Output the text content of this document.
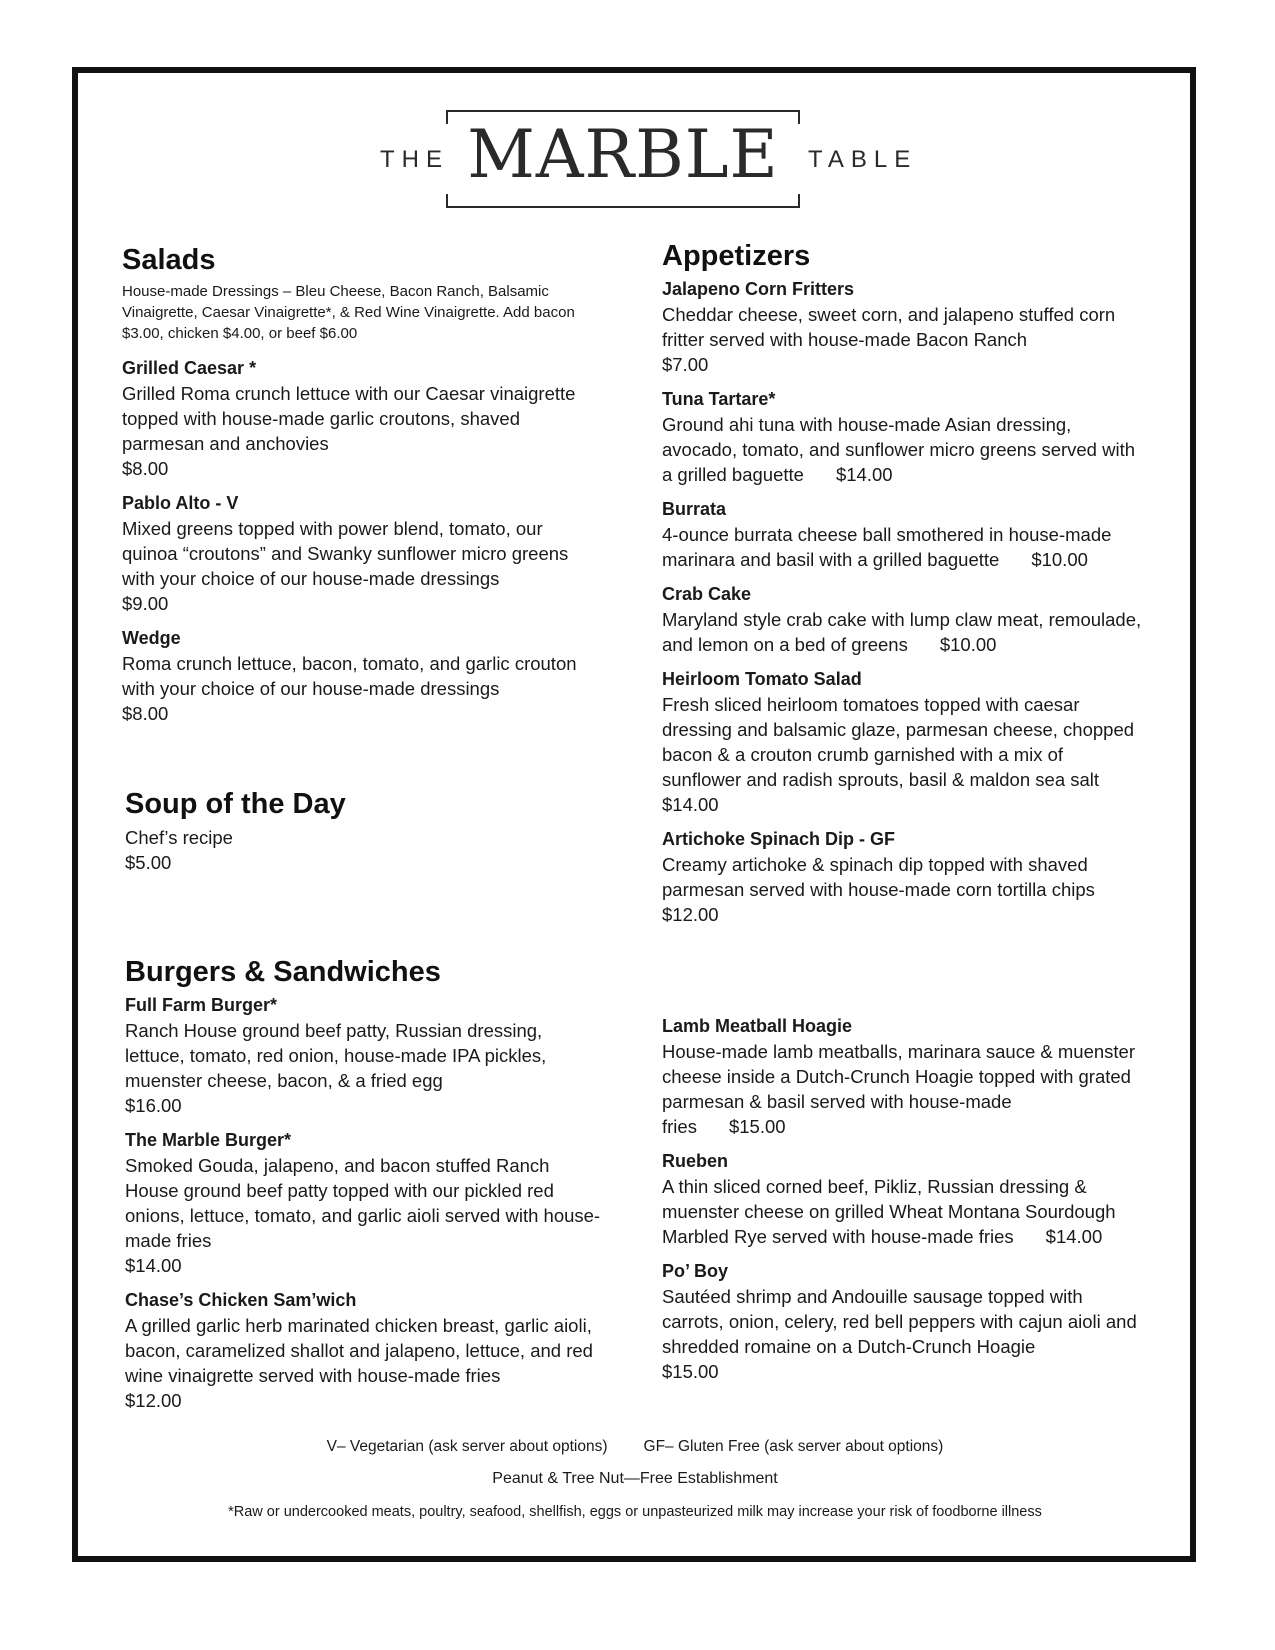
THE MARBLE	TABLE
Salads
House-made Dressings – Bleu Cheese, Bacon Ranch, Balsamic Vinaigrette, Caesar Vinaigrette*, & Red Wine Vinaigrette. Add bacon $3.00, chicken $4.00, or beef $6.00
Grilled Caesar *
Grilled Roma crunch lettuce with our Caesar vinaigrette topped with house-made garlic croutons, shaved parmesan and anchovies
$8.00
Pablo Alto - V
Mixed greens topped with power blend, tomato, our quinoa “croutons” and Swanky sunflower micro greens with your choice of our house-made dressings
$9.00
Wedge
Roma crunch lettuce, bacon, tomato, and garlic crouton with your choice of our house-made dressings
$8.00
Soup of the Day
Chef’s recipe
$5.00
Appetizers
Jalapeno Corn Fritters
Cheddar cheese, sweet corn, and jalapeno stuffed corn fritter served with house-made Bacon Ranch
$7.00
Tuna Tartare*
Ground ahi tuna with house-made Asian dressing, avocado, tomato, and sunflower micro greens served with a grilled baguette $14.00
Burrata
4-ounce burrata cheese ball smothered in house-made marinara and basil with a grilled baguette $10.00
Crab Cake
Maryland style crab cake with lump claw meat, remoulade, and lemon on a bed of greens $10.00
Heirloom Tomato Salad
Fresh sliced heirloom tomatoes topped with caesar dressing and balsamic glaze, parmesan cheese, chopped bacon & a crouton crumb garnished with a mix of sunflower and radish sprouts, basil & maldon sea salt
$14.00
Artichoke Spinach Dip - GF
Creamy artichoke & spinach dip topped with shaved parmesan served with house-made corn tortilla chips
$12.00
Burgers & Sandwiches
Full Farm Burger*
Ranch House ground beef patty, Russian dressing, lettuce, tomato, red onion, house-made IPA pickles, muenster cheese, bacon, & a fried egg
$16.00
The Marble Burger*
Smoked Gouda, jalapeno, and bacon stuffed Ranch House ground beef patty topped with our pickled red onions, lettuce, tomato, and garlic aioli served with house-made fries
$14.00
Chase’s Chicken Sam’wich
A grilled garlic herb marinated chicken breast, garlic aioli, bacon, caramelized shallot and jalapeno, lettuce, and red wine vinaigrette served with house-made fries
$12.00
Lamb Meatball Hoagie
House-made lamb meatballs, marinara sauce & muenster cheese inside a Dutch-Crunch Hoagie topped with grated parmesan & basil served with house-made fries $15.00
Rueben
A thin sliced corned beef, Pikliz, Russian dressing & muenster cheese on grilled Wheat Montana Sourdough Marbled Rye served with house-made fries $14.00
Po’ Boy
Sautéed shrimp and Andouille sausage topped with carrots, onion, celery, red bell peppers with cajun aioli and shredded romaine on a Dutch-Crunch Hoagie
$15.00
V– Vegetarian (ask server about options) GF– Gluten Free (ask server about options)
Peanut & Tree Nut—Free Establishment
*Raw or undercooked meats, poultry, seafood, shellfish, eggs or unpasteurized milk may increase your risk of foodborne illness
